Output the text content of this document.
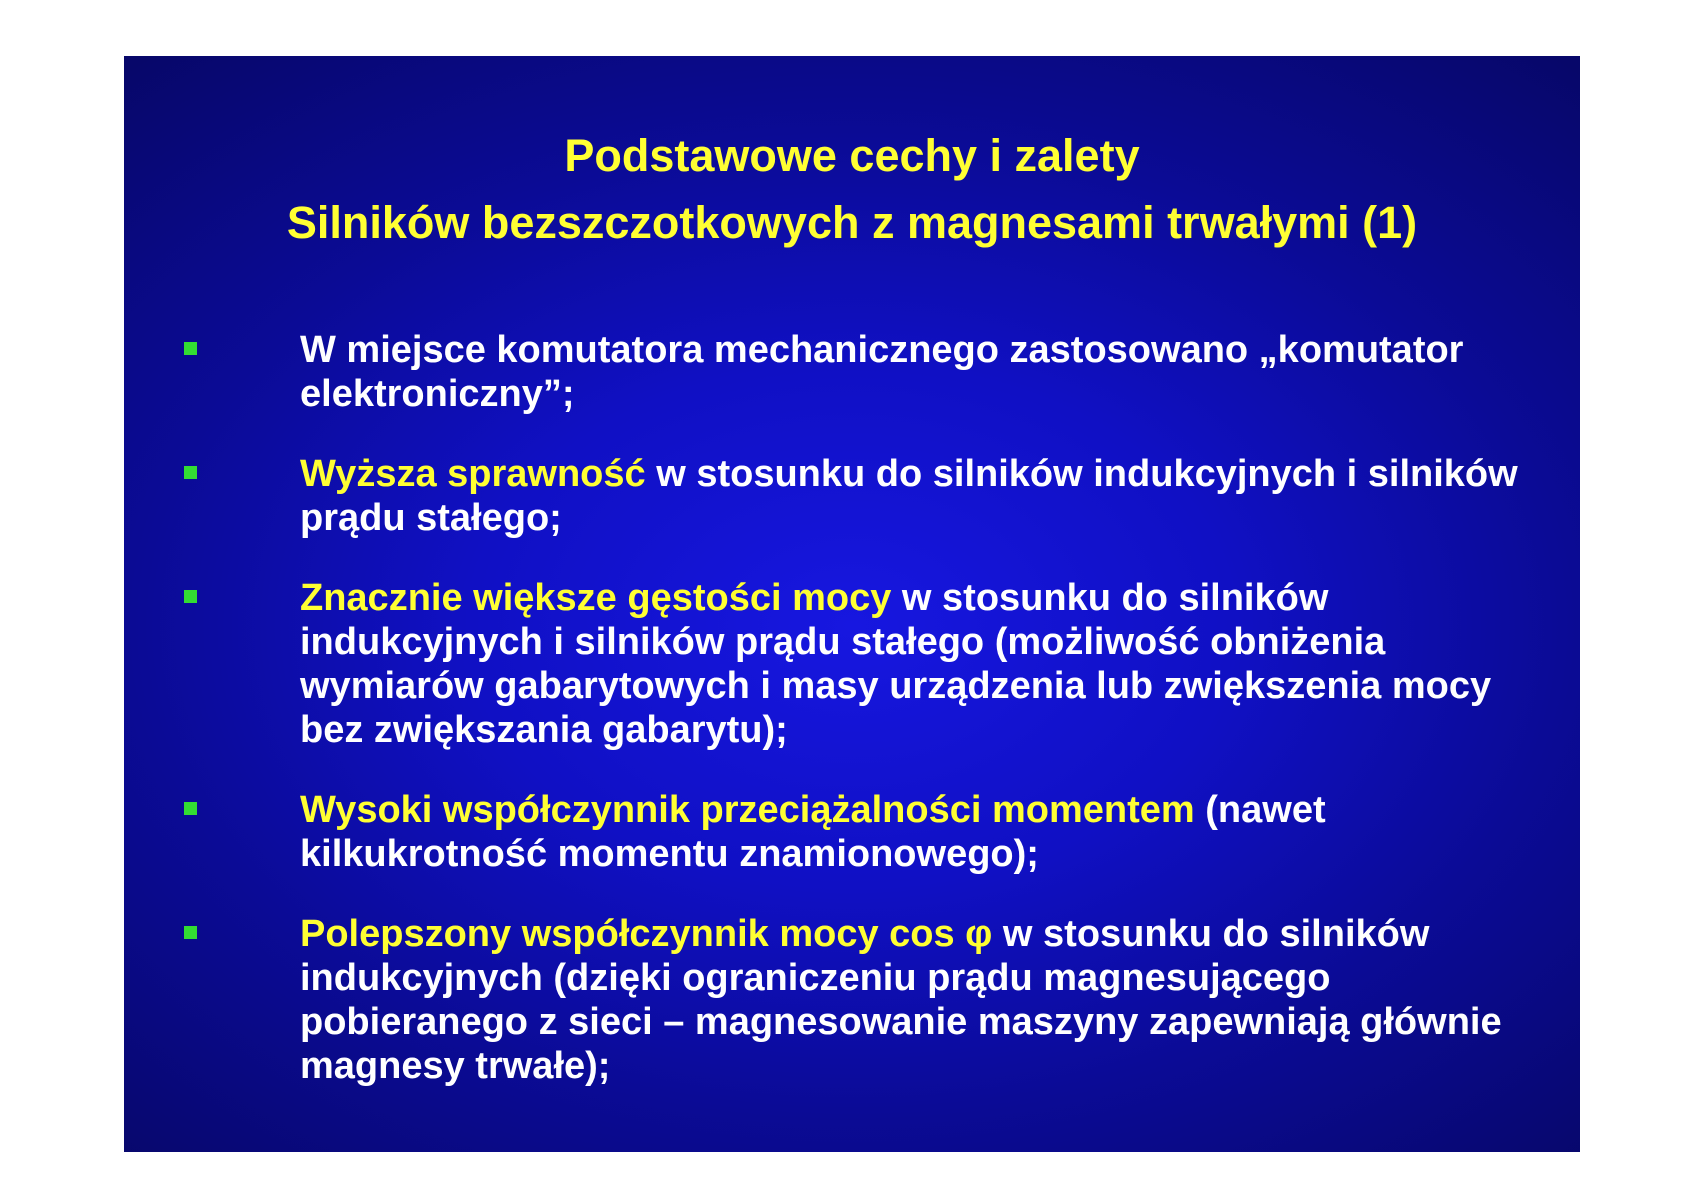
Podstawowe cechy i zalety
Silników bezszczotkowych z magnesami trwałymi (1)
W miejsce komutatora mechanicznego zastosowano „komutator elektroniczny”;
Wyższa sprawność w stosunku do silników indukcyjnych i silników prądu stałego;
Znacznie większe gęstości mocy w stosunku do silników indukcyjnych i silników prądu stałego (możliwość obniżenia wymiarów gabarytowych i masy urządzenia lub zwiększenia mocy bez zwiększania gabarytu);
Wysoki współczynnik przeciążalności momentem (nawet kilkukrotność momentu znamionowego);
Polepszony współczynnik mocy cos φ w stosunku do silników indukcyjnych (dzięki ograniczeniu prądu magnesującego pobieranego z sieci – magnesowanie maszyny zapewniają głównie magnesy trwałe);
